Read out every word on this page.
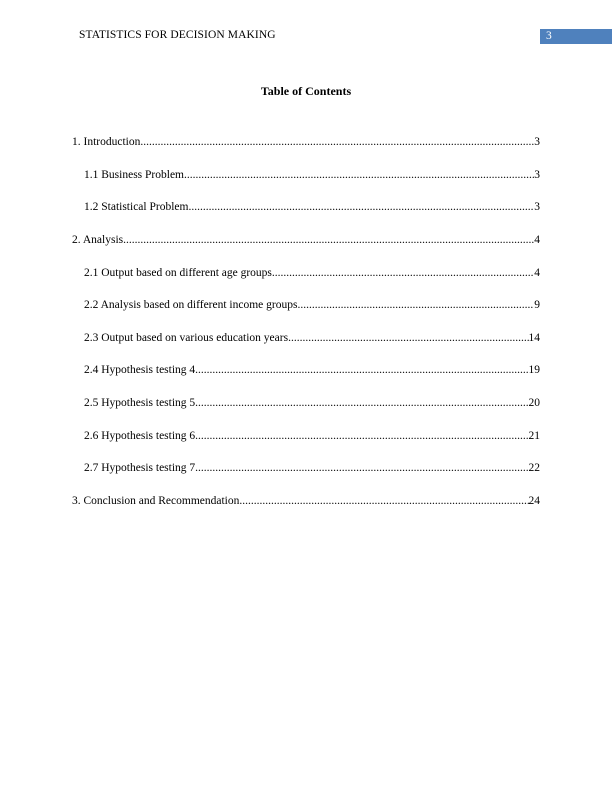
STATISTICS FOR DECISION MAKING	3
Table of Contents
1. Introduction .....	3
1.1 Business Problem .....	3
1.2 Statistical Problem .....	3
2. Analysis .....	4
2.1 Output based on different age groups .....	4
2.2 Analysis based on different income groups .....	9
2.3 Output based on various education years .....	14
2.4 Hypothesis testing 4 .....	19
2.5 Hypothesis testing 5 .....	20
2.6 Hypothesis testing 6 .....	21
2.7 Hypothesis testing 7 .....	22
3. Conclusion and Recommendation .....	24
